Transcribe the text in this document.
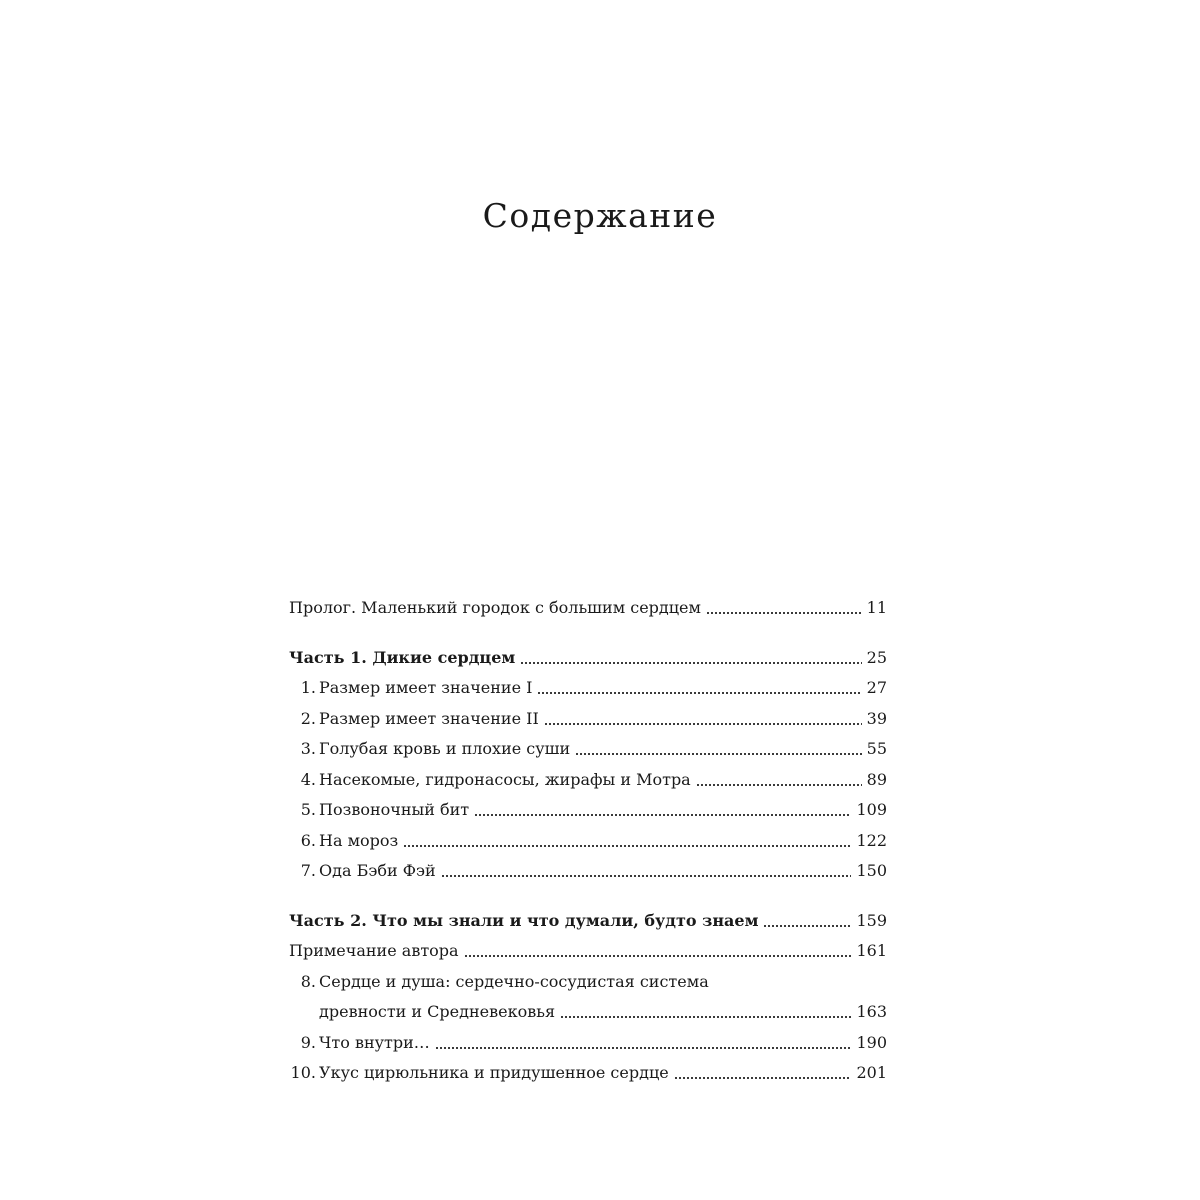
Содержание
Пролог. Маленький городок с большим сердцем	11
Часть 1. Дикие сердцем	25
1. Размер имеет значение I	27
2. Размер имеет значение II	39
3. Голубая кровь и плохие суши	55
4. Насекомые, гидронасосы, жирафы и Мотра	89
5. Позвоночный бит	109
6. На мороз	122
7. Ода Бэби Фэй	150
Часть 2. Что мы знали и что думали, будто знаем	159
Примечание автора	161
8. Сердце и душа: сердечно-сосудистая система
древности и Средневековья	163
9. Что внутри…	190
10. Укус цирюльника и придушенное сердце	201
